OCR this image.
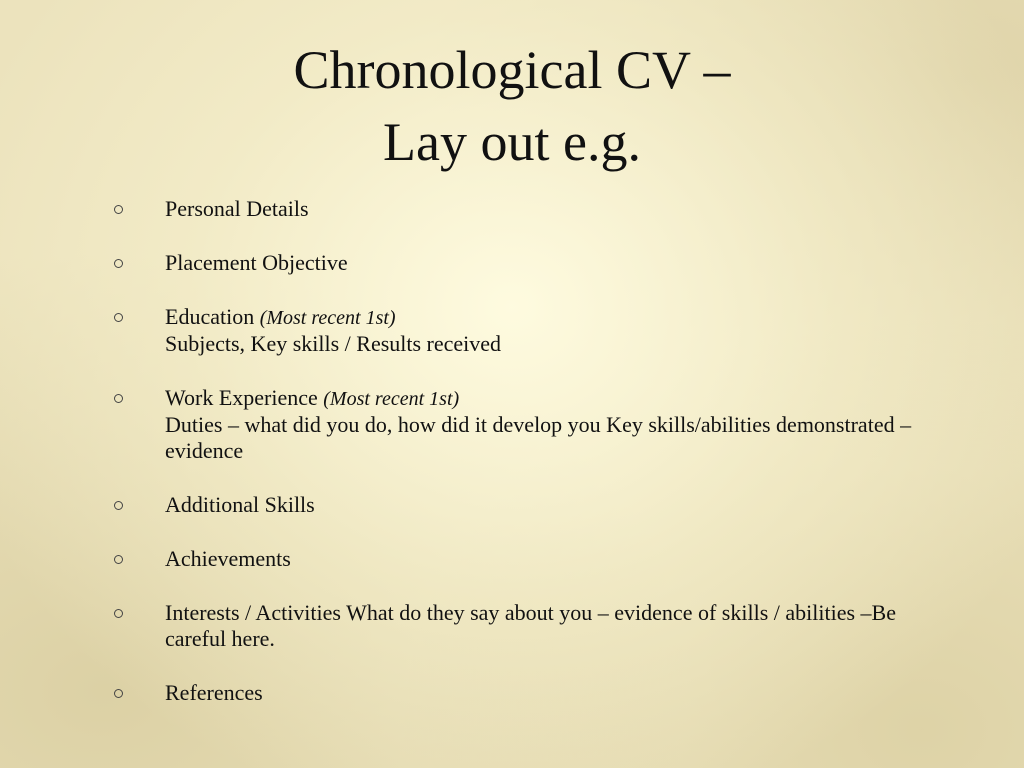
Chronological CV –
Lay out e.g.
Personal Details
Placement Objective
Education (Most recent 1st)
Subjects, Key skills / Results received
Work Experience (Most recent 1st)
Duties – what did you do, how did it develop you Key skills/abilities demonstrated – evidence
Additional Skills
Achievements
Interests / Activities What do they say about you – evidence of skills / abilities –Be careful here.
References
